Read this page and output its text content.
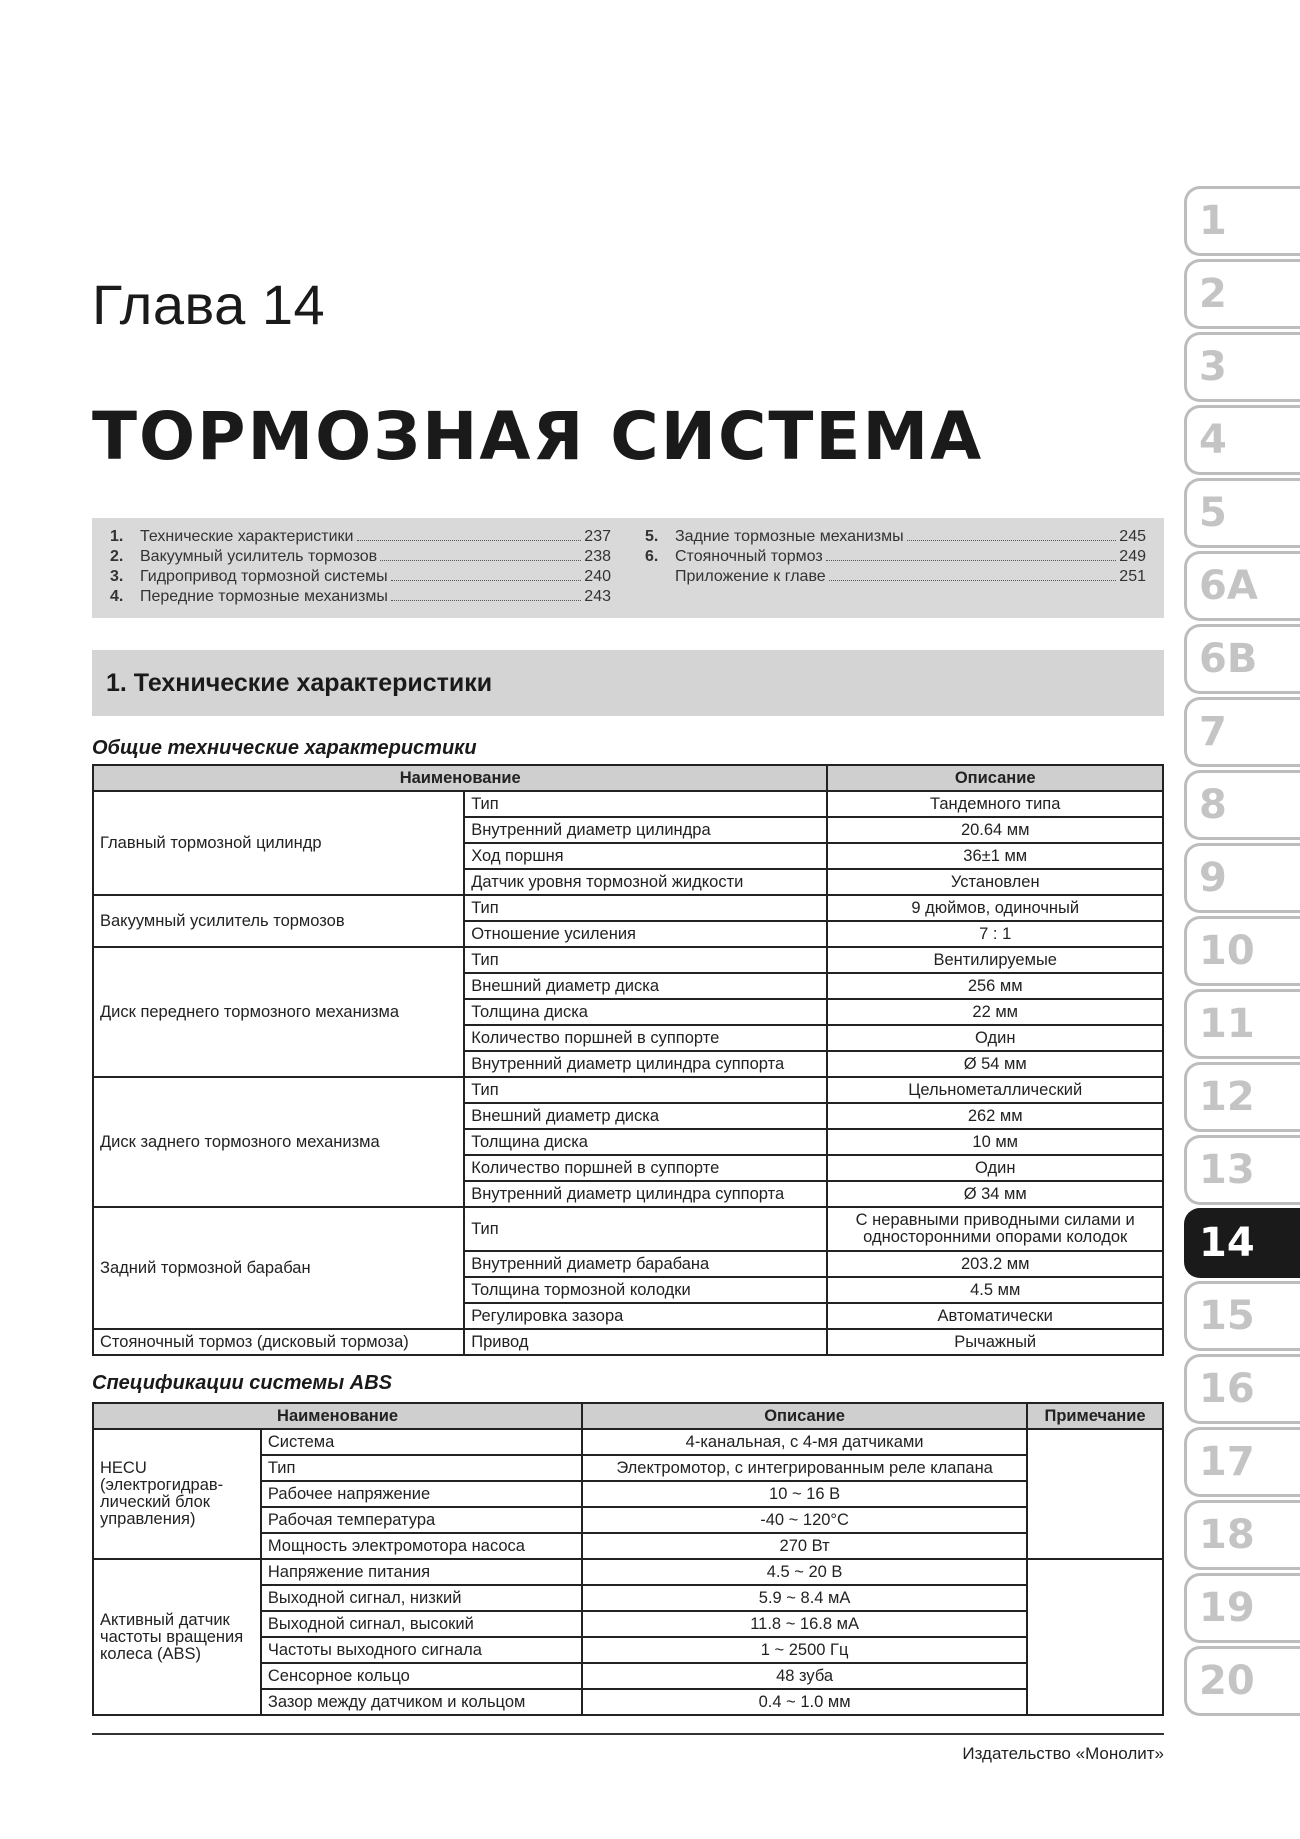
Глава 14
ТОРМОЗНАЯ СИСТЕМА
1.	Технические характеристики	237
2.	Вакуумный усилитель тормозов	238
3.	Гидропривод тормозной системы	240
4.	Передние тормозные механизмы	243
5.	Задние тормозные механизмы	245
6.	Стояночный тормоз	249
Приложение к главе	251
1. Технические характеристики
Общие технические характеристики
Наименование		Описание
Главный тормозной цилиндр	Тип	Тандемного типа
	Внутренний диаметр цилиндра	20.64 мм
	Ход поршня	36±1 мм
	Датчик уровня тормозной жидкости	Установлен
Вакуумный усилитель тормозов	Тип	9 дюймов, одиночный
	Отношение усиления	7 : 1
Диск переднего тормозного механизма	Тип	Вентилируемые
	Внешний диаметр диска	256 мм
	Толщина диска	22 мм
	Количество поршней в суппорте	Один
	Внутренний диаметр цилиндра суппорта	Ø 54 мм
Диск заднего тормозного механизма	Тип	Цельнометаллический
	Внешний диаметр диска	262 мм
	Толщина диска	10 мм
	Количество поршней в суппорте	Один
	Внутренний диаметр цилиндра суппорта	Ø 34 мм
Задний тормозной барабан	Тип	С неравными приводными силами и односторонними опорами колодок
	Внутренний диаметр барабана	203.2 мм
	Толщина тормозной колодки	4.5 мм
	Регулировка зазора	Автоматически
Стояночный тормоз (дисковый тормоза)	Привод	Рычажный
Спецификации системы ABS
Наименование		Описание	Примечание
HECU (электрогидрав-лический блок управления)	Система	4-канальная, с 4-мя датчиками	
	Тип	Электромотор, с интегрированным реле клапана	
	Рабочее напряжение	10 ~ 16 В	
	Рабочая температура	-40 ~ 120°С	
	Мощность электромотора насоса	270 Вт	
Активный датчик частоты вращения колеса (ABS)	Напряжение питания	4.5 ~ 20 В	
	Выходной сигнал, низкий	5.9 ~ 8.4 мА	
	Выходной сигнал, высокий	11.8 ~ 16.8 мА	
	Частоты выходного сигнала	1 ~ 2500 Гц	
	Сенсорное кольцо	48 зуба	
	Зазор между датчиком и кольцом	0.4 ~ 1.0 мм	
1
2
3
4
5
6A
6B
7
8
9
10
11
12
13
14
15
16
17
18
19
20
Издательство «Монолит»
